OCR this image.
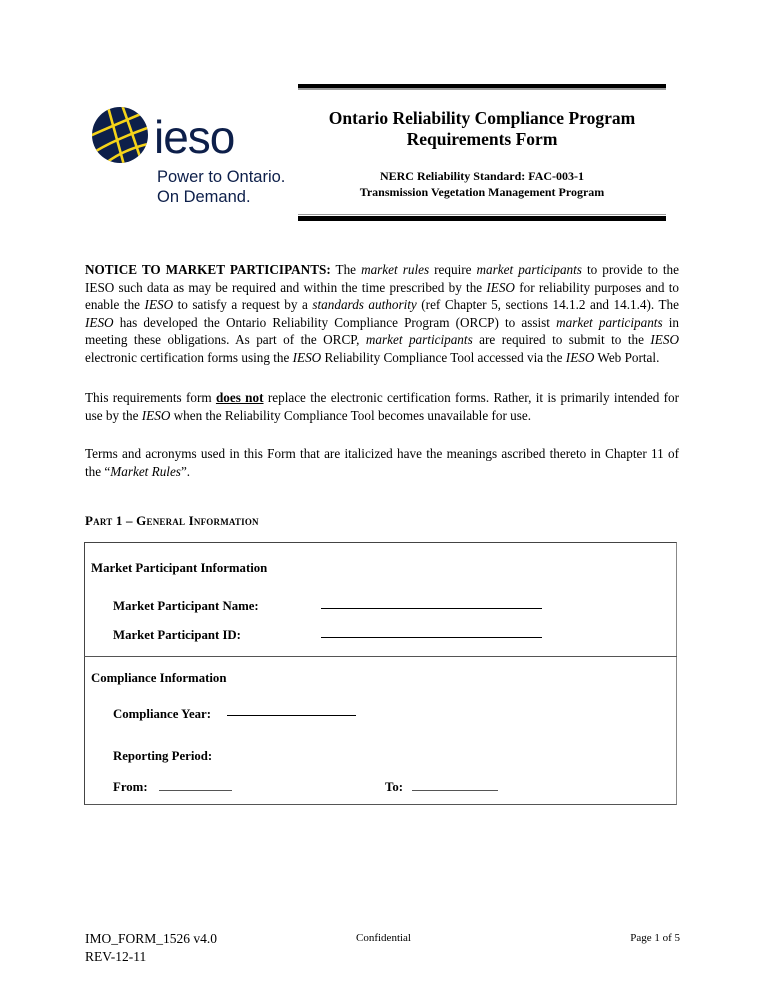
ieso
Power to Ontario.
On Demand.
Ontario Reliability Compliance Program
Requirements Form
NERC Reliability Standard: FAC-003-1
Transmission Vegetation Management Program
NOTICE TO MARKET PARTICIPANTS: The market rules require market participants to provide to the IESO such data as may be required and within the time prescribed by the IESO for reliability purposes and to enable the IESO to satisfy a request by a standards authority (ref Chapter 5, sections 14.1.2 and 14.1.4). The IESO has developed the Ontario Reliability Compliance Program (ORCP) to assist market participants in meeting these obligations. As part of the ORCP, market participants are required to submit to the IESO electronic certification forms using the IESO Reliability Compliance Tool accessed via the IESO Web Portal.
This requirements form does not replace the electronic certification forms. Rather, it is primarily intended for use by the IESO when the Reliability Compliance Tool becomes unavailable for use.
Terms and acronyms used in this Form that are italicized have the meanings ascribed thereto in Chapter 11 of the “Market Rules”.
Part 1 – General Information
Market Participant Information
Market Participant Name:
Market Participant ID:
Compliance Information
Compliance Year:
Reporting Period:
From:	To:
IMO_FORM_1526 v4.0
REV-12-11
Confidential	Page 1 of 5
